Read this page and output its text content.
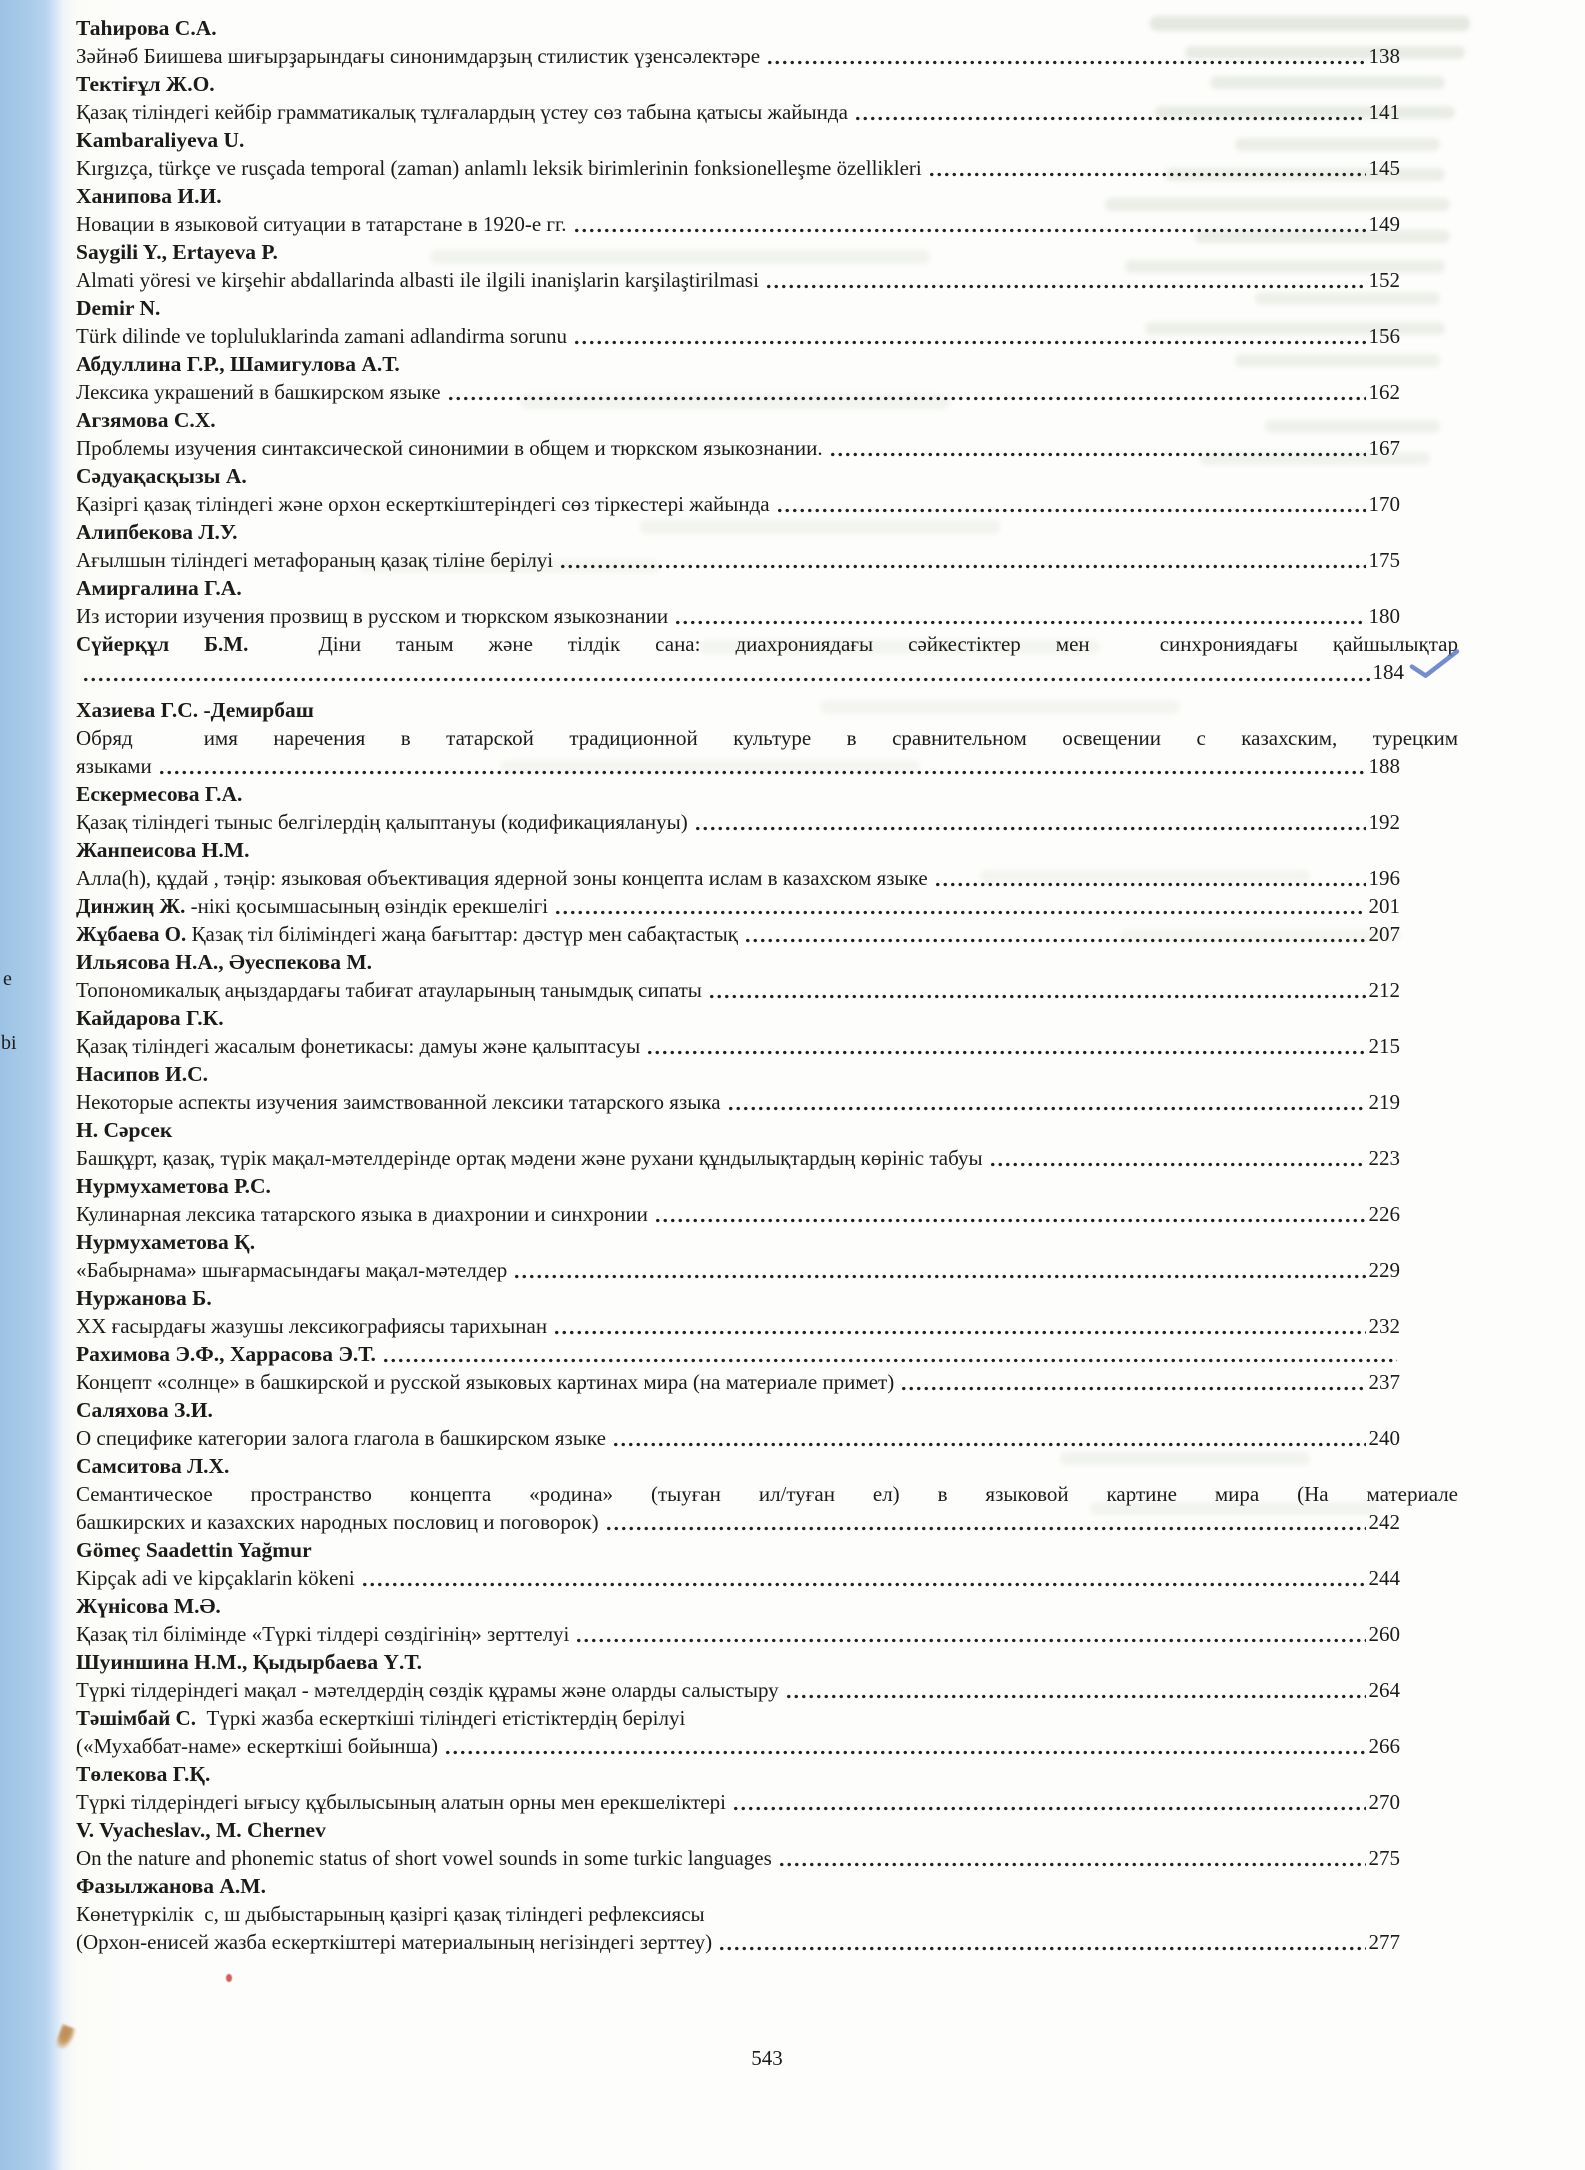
Таһирова С.А.
Зәйнәб Биишева шиғырҙарындағы синонимдарҙың стилистик үҙенсәлектәре	138
Тектіғұл Ж.О.
Қазақ тіліндегі кейбір грамматикалық тұлғалардың үстеу сөз табына қатысы жайында	141
Kambaraliyeva U.
Kırgızça, türkçe ve rusçada temporal (zaman) anlamlı leksik birimlerinin fonksionelleşme özellikleri	145
Ханипова И.И.
Новации в языковой ситуации в татарстане в 1920-е гг.	149
Saygili Y., Ertayeva P.
Almati yöresi ve kirşehir abdallarinda albasti ile ilgili inanişlarin karşilaştirilmasi	152
Demir N.
Türk dilinde ve topluluklarinda zamani adlandirma sorunu	156
Абдуллина Г.Р., Шамигулова А.Т.
Лексика украшений в башкирском языке	162
Агзямова С.Х.
Проблемы изучения синтаксической синонимии в общем и тюркском языкознании.	167
Сәдуақасқызы А.
Қазіргі қазақ тіліндегі және орхон ескерткіштеріндегі сөз тіркестері жайында	170
Алипбекова Л.У.
Ағылшын тіліндегі метафораның қазақ тіліне берілуі	175
Амиргалина Г.А.
Из истории изучения прозвищ в русском и тюркском языкознании	180
Сүйерқұл Б.М.  Діни таным және тілдік сана: диахрониядағы сәйкестіктер мен  синхрониядағы қайшылықтар
184
Хазиева Г.С. -Демирбаш
Обряд  имя наречения в татарской традиционной культуре в сравнительном освещении с казахским, турецким
языками	188
Ескермесова Г.А.
Қазақ тіліндегі тыныс белгілердің қалыптануы (кодификациялануы)	192
Жанпеисова Н.М.
Алла(h), құдай , тәңір: языковая объективация ядерной зоны концепта ислам в казахском языке	196
Динжиң Ж. -нікі қосымшасының өзіндік ерекшелігі	201
Жұбаева О. Қазақ тіл біліміндегі жаңа бағыттар: дәстүр мен сабақтастық	207
Ильясова Н.А., Әуеспекова М.
Топономикалық аңыздардағы табиғат атауларының танымдық сипаты	212
Кайдарова Г.К.
Қазақ тіліндегі жасалым фонетикасы: дамуы және қалыптасуы	215
Насипов И.С.
Некоторые аспекты изучения заимствованной лексики татарского языка	219
Н. Сәрсек
Башқұрт, қазақ, түрік мақал-мәтелдерінде ортақ мәдени және рухани құндылықтардың көрініс табуы	223
Нурмухаметова Р.С.
Кулинарная лексика татарского языка в диахронии и синхронии	226
Нурмухаметова Қ.
«Бабырнама» шығармасындағы мақал-мәтелдер	229
Нуржанова Б.
ХХ ғасырдағы жазушы лексикографиясы тарихынан	232
Рахимова Э.Ф., Харрасова Э.Т.
Концепт «солнце» в башкирской и русской языковых картинах мира (на материале примет)	237
Саляхова З.И.
О специфике категории залога глагола в башкирском языке	240
Самситова Л.Х.
Семантическое пространство концепта «родина» (тыуған ил/туған ел) в языковой картине мира (На материале
башкирских и казахских народных пословиц и поговорок)	242
Gömeç Saadettin Yağmur
Kipçak adi ve kipçaklarin kökeni	244
Жүнісова М.Ә.
Қазақ тіл білімінде «Түркі тілдері сөздігінің» зерттелуі	260
Шуиншина Н.М., Қыдырбаева Ү.Т.
Түркі тілдеріндегі мақал - мәтелдердің сөздік құрамы және оларды салыстыру	264
Тәшімбай С.  Түркі жазба ескерткіші тіліндегі етістіктердің берілуі
(«Мухаббат-наме» ескерткіші бойынша)	266
Төлекова Г.Қ.
Түркі тілдеріндегі ығысу құбылысының алатын орны мен ерекшеліктері	270
V. Vyacheslav., M. Chernev
On the nature and phonemic status of short vowel sounds in some turkic languages	275
Фазылжанова А.М.
Көнетүркілік  с, ш дыбыстарының қазіргі қазақ тіліндегі рефлексиясы
(Орхон-енисей жазба ескерткіштері материалының негізіндегі зерттеу)	277
543
е
bi
